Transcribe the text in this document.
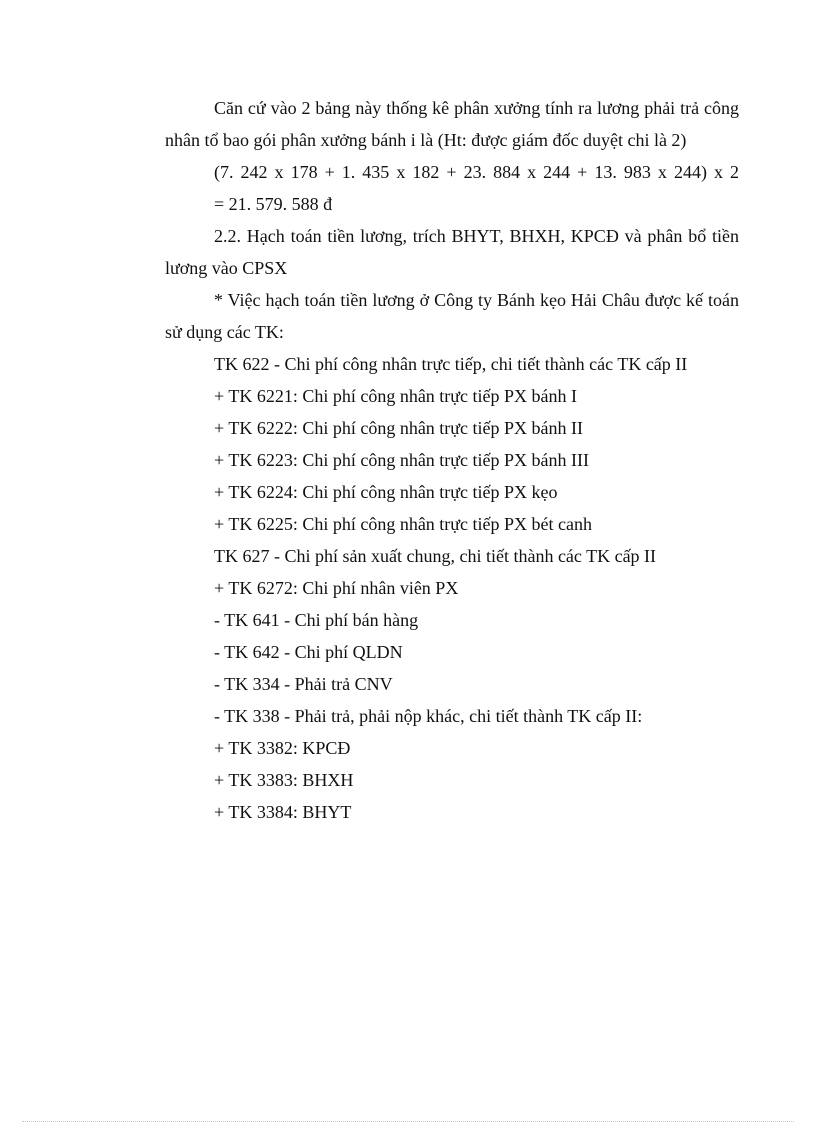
Căn cứ vào 2 bảng này thống kê phân xưởng tính ra lương phải trả công nhân tổ bao gói phân xưởng bánh i là (Ht: được giám đốc duyệt chi là 2)

(7. 242 x 178 + 1. 435 x 182 + 23. 884 x 244 + 13. 983 x 244) x 2

= 21. 579. 588 đ

2.2. Hạch toán tiền lương, trích BHYT, BHXH, KPCĐ và phân bổ tiền lương vào CPSX

* Việc hạch toán tiền lương ở Công ty Bánh kẹo Hải Châu được kế toán sử dụng các TK:

TK 622 - Chi phí công nhân trực tiếp, chi tiết thành các TK cấp II

+ TK 6221: Chi phí công nhân trực tiếp PX bánh I

+ TK 6222: Chi phí công nhân trực tiếp PX bánh II

+ TK 6223: Chi phí công nhân trực tiếp PX bánh III

+ TK 6224: Chi phí công nhân trực tiếp PX kẹo

+ TK 6225: Chi phí công nhân trực tiếp PX bét canh

TK 627 - Chi phí sản xuất chung, chi tiết thành các TK cấp II

+ TK 6272: Chi phí nhân viên PX

- TK 641 - Chi phí bán hàng

- TK 642 - Chi phí QLDN

- TK 334 - Phải trả CNV

- TK 338 - Phải trả, phải nộp khác, chi tiết thành TK cấp II:

+ TK 3382: KPCĐ

+ TK 3383: BHXH

+ TK 3384: BHYT
